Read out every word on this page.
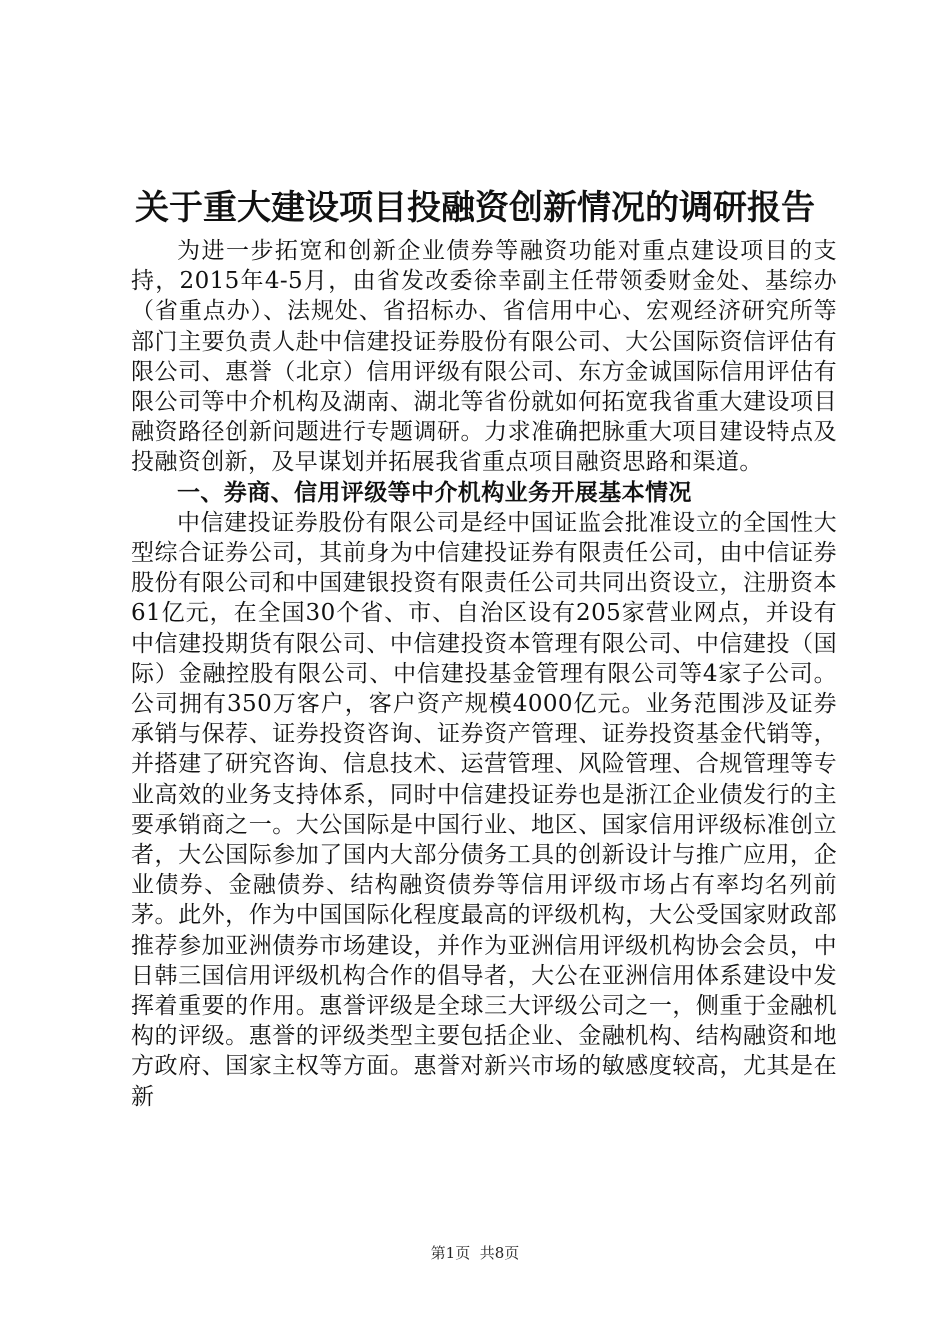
关于重大建设项目投融资创新情况的调研报告

为进一步拓宽和创新企业债券等融资功能对重点建设项目的支持，2015年4-5月，由省发改委徐幸副主任带领委财金处、基综办（省重点办）、法规处、省招标办、省信用中心、宏观经济研究所等部门主要负责人赴中信建投证券股份有限公司、大公国际资信评估有限公司、惠誉（北京）信用评级有限公司、东方金诚国际信用评估有限公司等中介机构及湖南、湖北等省份就如何拓宽我省重大建设项目融资路径创新问题进行专题调研。力求准确把脉重大项目建设特点及投融资创新，及早谋划并拓展我省重点项目融资思路和渠道。

一、券商、信用评级等中介机构业务开展基本情况

中信建投证券股份有限公司是经中国证监会批准设立的全国性大型综合证券公司，其前身为中信建投证券有限责任公司，由中信证券股份有限公司和中国建银投资有限责任公司共同出资设立，注册资本61亿元，在全国30个省、市、自治区设有205家营业网点，并设有中信建投期货有限公司、中信建投资本管理有限公司、中信建投（国际）金融控股有限公司、中信建投基金管理有限公司等4家子公司。公司拥有350万客户，客户资产规模4000亿元。业务范围涉及证券承销与保荐、证券投资咨询、证券资产管理、证券投资基金代销等，并搭建了研究咨询、信息技术、运营管理、风险管理、合规管理等专业高效的业务支持体系，同时中信建投证券也是浙江企业债发行的主要承销商之一。大公国际是中国行业、地区、国家信用评级标准创立者，大公国际参加了国内大部分债务工具的创新设计与推广应用，企业债券、金融债券、结构融资债券等信用评级市场占有率均名列前茅。此外，作为中国国际化程度最高的评级机构，大公受国家财政部推荐参加亚洲债券市场建设，并作为亚洲信用评级机构协会会员，中日韩三国信用评级机构合作的倡导者，大公在亚洲信用体系建设中发挥着重要的作用。惠誉评级是全球三大评级公司之一，侧重于金融机构的评级。惠誉的评级类型主要包括企业、金融机构、结构融资和地方政府、国家主权等方面。惠誉对新兴市场的敏感度较高，尤其是在新

第1页 共8页
